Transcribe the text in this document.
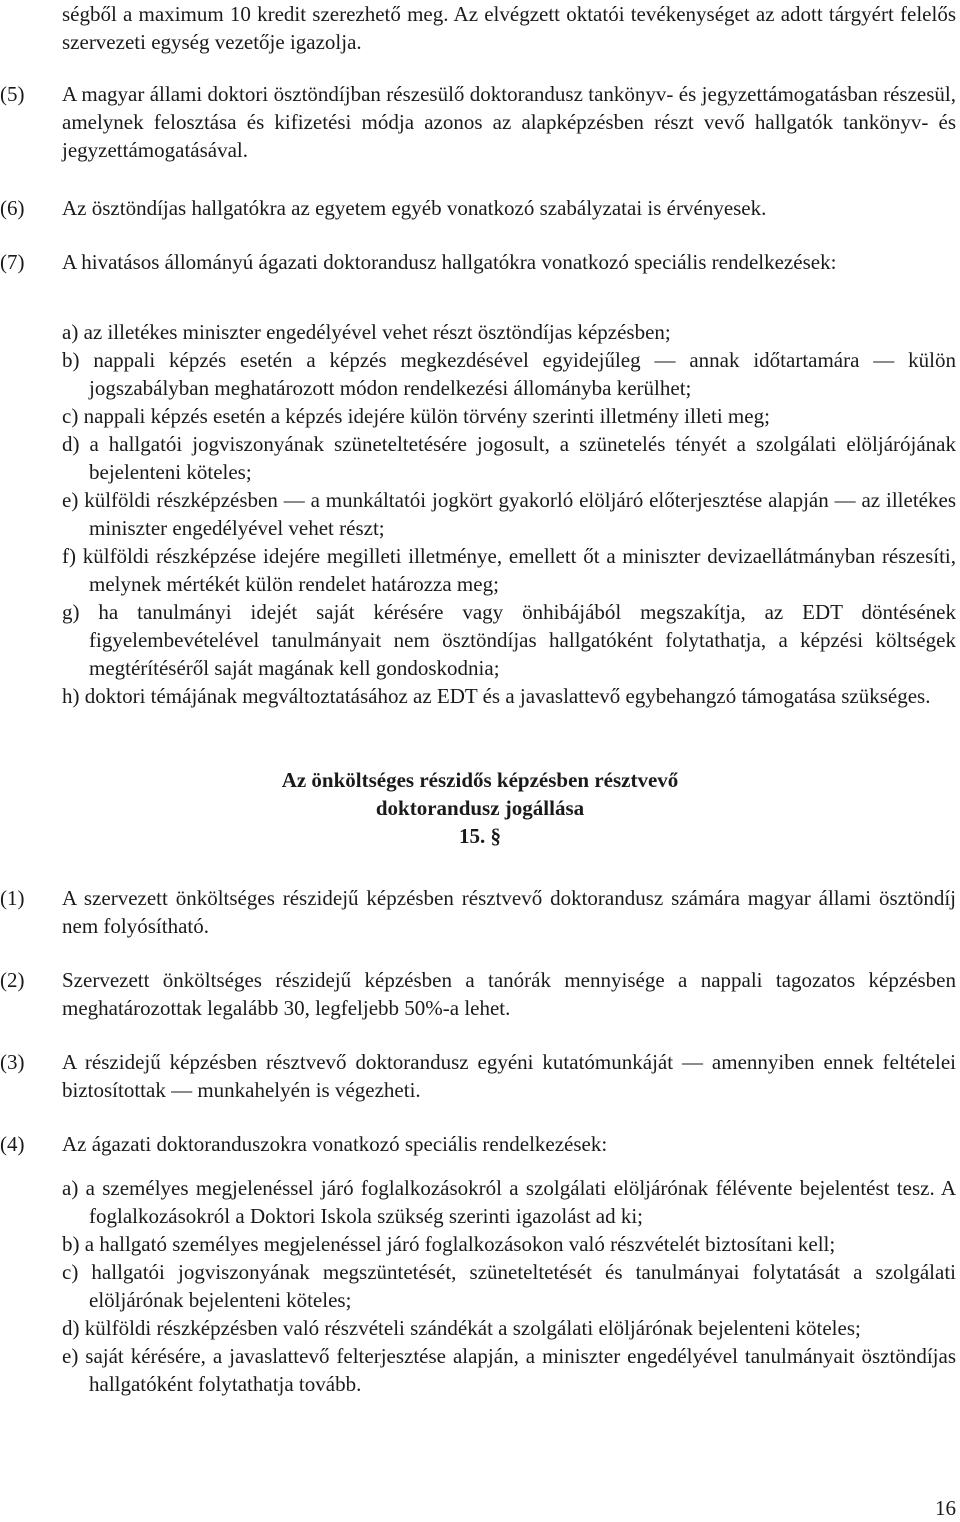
ségből a maximum 10 kredit szerezhető meg. Az elvégzett oktatói tevékenységet az adott tárgyért felelős szervezeti egység vezetője igazolja.
(5)	A magyar állami doktori ösztöndíjban részesülő doktorandusz tankönyv- és jegyzettámogatásban részesül, amelynek felosztása és kifizetési módja azonos az alapképzésben részt vevő hallgatók tankönyv- és jegyzettámogatásával.
(6)	Az ösztöndíjas hallgatókra az egyetem egyéb vonatkozó szabályzatai is érvényesek.
(7)	A hivatásos állományú ágazati doktorandusz hallgatókra vonatkozó speciális rendelkezések:
a) az illetékes miniszter engedélyével vehet részt ösztöndíjas képzésben;
b) nappali képzés esetén a képzés megkezdésével egyidejűleg — annak időtartamára — külön jogszabályban meghatározott módon rendelkezési állományba kerülhet;
c) nappali képzés esetén a képzés idejére külön törvény szerinti illetmény illeti meg;
d) a hallgatói jogviszonyának szüneteltetésére jogosult, a szünetelés tényét a szolgálati elöljárójának bejelenteni köteles;
e) külföldi részképzésben — a munkáltatói jogkört gyakorló elöljáró előterjesztése alapján — az illetékes miniszter engedélyével vehet részt;
f) külföldi részképzése idejére megilleti illetménye, emellett őt a miniszter devizaellátmányban részesíti, melynek mértékét külön rendelet határozza meg;
g) ha tanulmányi idejét saját kérésére vagy önhibájából megszakítja, az EDT döntésének figyelembevételével tanulmányait nem ösztöndíjas hallgatóként folytathatja, a képzési költségek megtérítéséről saját magának kell gondoskodnia;
h) doktori témájának megváltoztatásához az EDT és a javaslattevő egybehangzó támogatása szükséges.
Az önköltséges részidős képzésben résztvevő
doktorandusz jogállása
15. §
(1)	A szervezett önköltséges részidejű képzésben résztvevő doktorandusz számára magyar állami ösztöndíj nem folyósítható.
(2)	Szervezett önköltséges részidejű képzésben a tanórák mennyisége a nappali tagozatos képzésben meghatározottak legalább 30, legfeljebb 50%-a lehet.
(3)	A részidejű képzésben résztvevő doktorandusz egyéni kutatómunkáját — amennyiben ennek feltételei biztosítottak — munkahelyén is végezheti.
(4)	Az ágazati doktoranduszokra vonatkozó speciális rendelkezések:
a) a személyes megjelenéssel járó foglalkozásokról a szolgálati elöljárónak félévente bejelentést tesz. A foglalkozásokról a Doktori Iskola szükség szerinti igazolást ad ki;
b) a hallgató személyes megjelenéssel járó foglalkozásokon való részvételét biztosítani kell;
c) hallgatói jogviszonyának megszüntetését, szüneteltetését és tanulmányai folytatását a szolgálati elöljárónak bejelenteni köteles;
d) külföldi részképzésben való részvételi szándékát a szolgálati elöljárónak bejelenteni köteles;
e) saját kérésére, a javaslattevő felterjesztése alapján, a miniszter engedélyével tanulmányait ösztöndíjas hallgatóként folytathatja tovább.
16
